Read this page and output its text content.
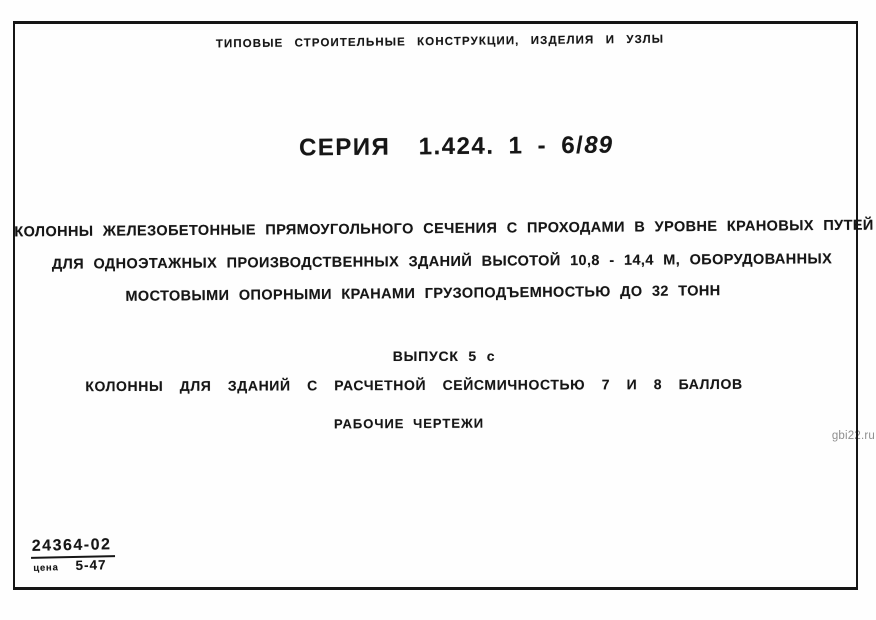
gbi22.ru
ТИПОВЫЕ СТРОИТЕЛЬНЫЕ КОНСТРУКЦИИ, ИЗДЕЛИЯ И УЗЛЫ
СЕРИЯ 1.424. 1 - 6/89
КОЛОННЫ ЖЕЛЕЗОБЕТОННЫЕ ПРЯМОУГОЛЬНОГО СЕЧЕНИЯ С ПРОХОДАМИ В УРОВНЕ КРАНОВЫХ ПУТЕЙ
ДЛЯ ОДНОЭТАЖНЫХ ПРОИЗВОДСТВЕННЫХ ЗДАНИЙ ВЫСОТОЙ 10,8 - 14,4 М, ОБОРУДОВАННЫХ
МОСТОВЫМИ ОПОРНЫМИ КРАНАМИ ГРУЗОПОДЪЕМНОСТЬЮ ДО 32 ТОНН
ВЫПУСК 5 с
КОЛОННЫ ДЛЯ ЗДАНИЙ С РАСЧЕТНОЙ СЕЙСМИЧНОСТЬЮ 7 И 8 БАЛЛОВ
РАБОЧИЕ ЧЕРТЕЖИ
24364-02
цена 5-47
